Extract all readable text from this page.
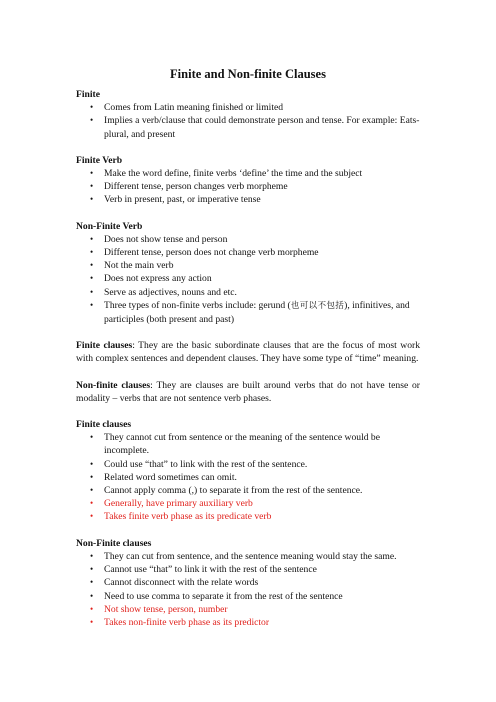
Finite and Non-finite Clauses
Finite
• Comes from Latin meaning finished or limited
• Implies a verb/clause that could demonstrate person and tense. For example: Eats- plural, and present
Finite Verb
• Make the word define, finite verbs ‘define’ the time and the subject
• Different tense, person changes verb morpheme
• Verb in present, past, or imperative tense
Non-Finite Verb
• Does not show tense and person
• Different tense, person does not change verb morpheme
• Not the main verb
• Does not express any action
• Serve as adjectives, nouns and etc.
• Three types of non-finite verbs include: gerund (也可以不包括), infinitives, and participles (both present and past)

Finite clauses: They are the basic subordinate clauses that are the focus of most work with complex sentences and dependent clauses. They have some type of “time” meaning.

Non-finite clauses: They are clauses are built around verbs that do not have tense or modality – verbs that are not sentence verb phases.

Finite clauses
• They cannot cut from sentence or the meaning of the sentence would be incomplete.
• Could use “that” to link with the rest of the sentence.
• Related word sometimes can omit.
• Cannot apply comma (,) to separate it from the rest of the sentence.
• Generally, have primary auxiliary verb
• Takes finite verb phase as its predicate verb
Non-Finite clauses
• They can cut from sentence, and the sentence meaning would stay the same.
• Cannot use “that” to link it with the rest of the sentence
• Cannot disconnect with the relate words
• Need to use comma to separate it from the rest of the sentence
• Not show tense, person, number
• Takes non-finite verb phase as its predictor
